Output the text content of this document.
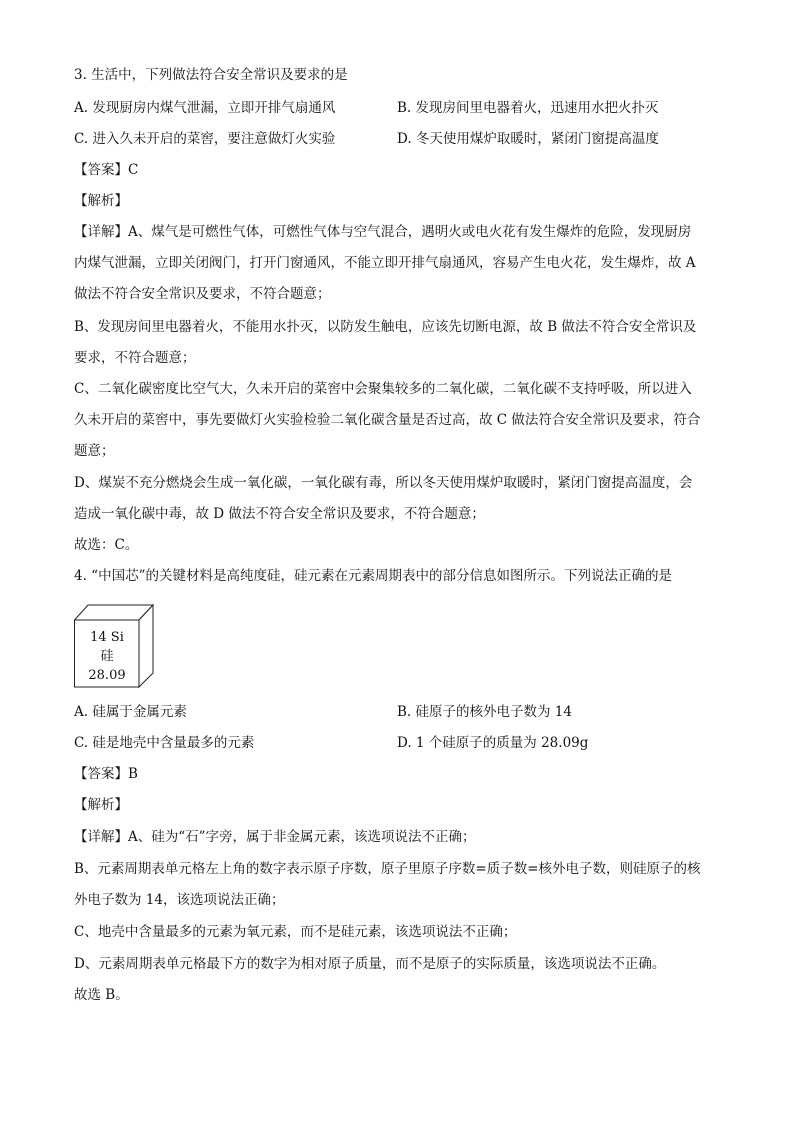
3. 生活中，下列做法符合安全常识及要求的是
A. 发现厨房内煤气泄漏，立即开排气扇通风	B. 发现房间里电器着火，迅速用水把火扑灭
C. 进入久未开启的菜窖，要注意做灯火实验	D. 冬天使用煤炉取暖时，紧闭门窗提高温度
【答案】C
【解析】
【详解】A、煤气是可燃性气体，可燃性气体与空气混合，遇明火或电火花有发生爆炸的危险，发现厨房
内煤气泄漏，立即关闭阀门，打开门窗通风，不能立即开排气扇通风，容易产生电火花，发生爆炸，故 A
做法不符合安全常识及要求，不符合题意；
B、发现房间里电器着火，不能用水扑灭，以防发生触电，应该先切断电源，故 B 做法不符合安全常识及
要求，不符合题意；
C、二氧化碳密度比空气大，久未开启的菜窖中会聚集较多的二氧化碳，二氧化碳不支持呼吸，所以进入
久未开启的菜窖中，事先要做灯火实验检验二氧化碳含量是否过高，故 C 做法符合安全常识及要求，符合
题意；
D、煤炭不充分燃烧会生成一氧化碳，一氧化碳有毒，所以冬天使用煤炉取暖时，紧闭门窗提高温度，会
造成一氧化碳中毒，故 D 做法不符合安全常识及要求，不符合题意；
故选：C。
4. “中国芯”的关键材料是高纯度硅，硅元素在元素周期表中的部分信息如图所示。下列说法正确的是
14 Si
硅
28.09
A. 硅属于金属元素	B. 硅原子的核外电子数为 14
C. 硅是地壳中含量最多的元素	D. 1 个硅原子的质量为 28.09g
【答案】B
【解析】
【详解】A、硅为“石”字旁，属于非金属元素，该选项说法不正确；
B、元素周期表单元格左上角的数字表示原子序数，原子里原子序数=质子数=核外电子数，则硅原子的核
外电子数为 14，该选项说法正确；
C、地壳中含量最多的元素为氧元素，而不是硅元素，该选项说法不正确；
D、元素周期表单元格最下方的数字为相对原子质量，而不是原子的实际质量，该选项说法不正确。
故选 B。
